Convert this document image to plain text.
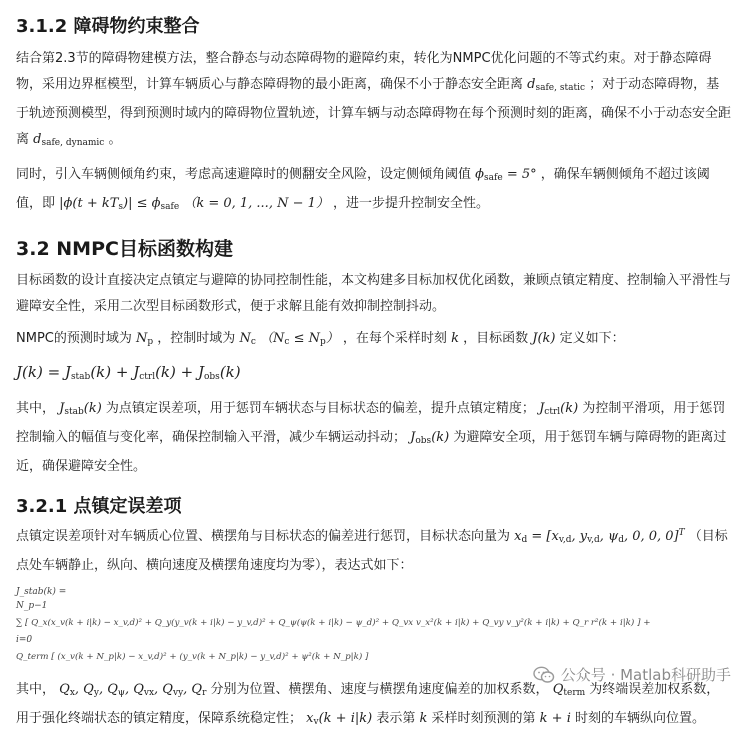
3.1.2 障碍物约束整合

结合第2.3节的障碍物建模方法，整合静态与动态障碍物的避障约束，转化为NMPC优化问题的不等式约束。对于静态障碍物，采用边界框模型，计算车辆质心与静态障碍物的最小距离，确保不小于静态安全距离 $d_{safe, static}$ ；对于动态障碍物，基于轨迹预测模型，得到预测时域内的障碍物位置轨迹，计算车辆与动态障碍物在每个预测时刻的距离，确保不小于动态安全距离 $d_{safe, dynamic}$ 。

同时，引入车辆侧倾角约束，考虑高速避障时的侧翻安全风险，设定侧倾角阈值 $\phi_{safe} = 5^\circ$ ，确保车辆侧倾角不超过该阈值，即 $|\phi(t + kT_s)| \le \phi_{safe}$ （k = 0, 1, ..., N − 1） ，进一步提升控制安全性。

3.2 NMPC目标函数构建

目标函数的设计直接决定点镇定与避障的协同控制性能，本文构建多目标加权优化函数，兼顾点镇定精度、控制输入平滑性与避障安全性，采用二次型目标函数形式，便于求解且能有效抑制控制抖动。

NMPC的预测时域为 $N_p$ ，控制时域为 $N_c$ $(N_c \le N_p)$ ，在每个采样时刻 k ，目标函数 J(k) 定义如下：

$J(k) = J_{stab}(k) + J_{ctrl}(k) + J_{obs}(k)$

其中， $J_{stab}(k)$ 为点镇定误差项，用于惩罚车辆状态与目标状态的偏差，提升点镇定精度； $J_{ctrl}(k)$ 为控制平滑项，用于惩罚控制输入的幅值与变化率，确保控制输入平滑，减少车辆运动抖动； $J_{obs}(k)$ 为避障安全项，用于惩罚车辆与障碍物的距离过近，确保避障安全性。

3.2.1 点镇定误差项

点镇定误差项针对车辆质心位置、横摆角与目标状态的偏差进行惩罚，目标状态向量为 $x_d = [x_{v,d}$, $y_{v,d}$, $\psi_d$, 0, 0, 0]$^T$ （目标点处车辆静止，纵向、横向速度及横摆角速度均为零），表达式如下：

J_stab(k) =
N_p−1
∑ [ Q_x(x_v(k + i|k) − x_v,d)² + Q_y(y_v(k + i|k) − y_v,d)² + Q_ψ(ψ(k + i|k) − ψ_d)² + Q_vx v_x²(k + i|k) + Q_vy v_y²(k + i|k) + Q_r r²(k + i|k) ] +
i=0
Q_term [ (x_v(k + N_p|k) − x_v,d)² + (y_v(k + N_p|k) − y_v,d)² + ψ²(k + N_p|k) ]

其中， $Q_x$, $Q_y$, $Q_\psi$, $Q_{vx}$, $Q_{vy}$, $Q_r$ 分别为位置、横摆角、速度与横摆角速度偏差的加权系数， $Q_{term}$ 为终端误差加权系数，用于强化终端状态的镇定精度，保障系统稳定性； $x_v(k + i|k)$ 表示第 k 采样时刻预测的第 k + i 时刻的车辆纵向位置。

公众号 · Matlab科研助手
